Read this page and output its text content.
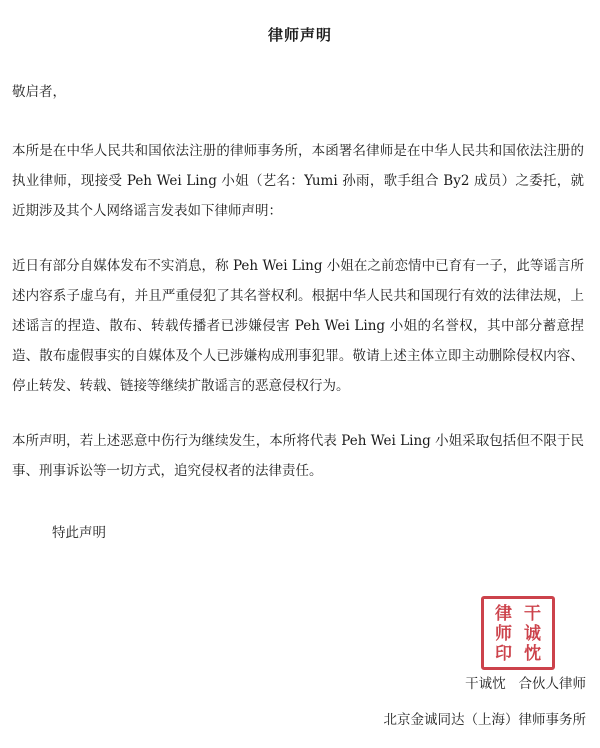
律师声明
敬启者，

本所是在中华人民共和国依法注册的律师事务所，本函署名律师是在中华人民共和国依法注册的执业律师，现接受 Peh Wei Ling 小姐（艺名：Yumi 孙雨，歌手组合 By2 成员）之委托，就近期涉及其个人网络谣言发表如下律师声明：

近日有部分自媒体发布不实消息，称 Peh Wei Ling 小姐在之前恋情中已育有一子，此等谣言所述内容系子虚乌有，并且严重侵犯了其名誉权利。根据中华人民共和国现行有效的法律法规，上述谣言的捏造、散布、转载传播者已涉嫌侵害 Peh Wei Ling 小姐的名誉权，其中部分蓄意捏造、散布虚假事实的自媒体及个人已涉嫌构成刑事犯罪。敬请上述主体立即主动删除侵权内容、停止转发、转载、链接等继续扩散谣言的恶意侵权行为。

本所声明，若上述恶意中伤行为继续发生，本所将代表 Peh Wei Ling 小姐采取包括但不限于民事、刑事诉讼等一切方式，追究侵权者的法律责任。

特此声明
律 干
师 诚
印 忱
干诚忱 合伙人律师
北京金诚同达（上海）律师事务所
